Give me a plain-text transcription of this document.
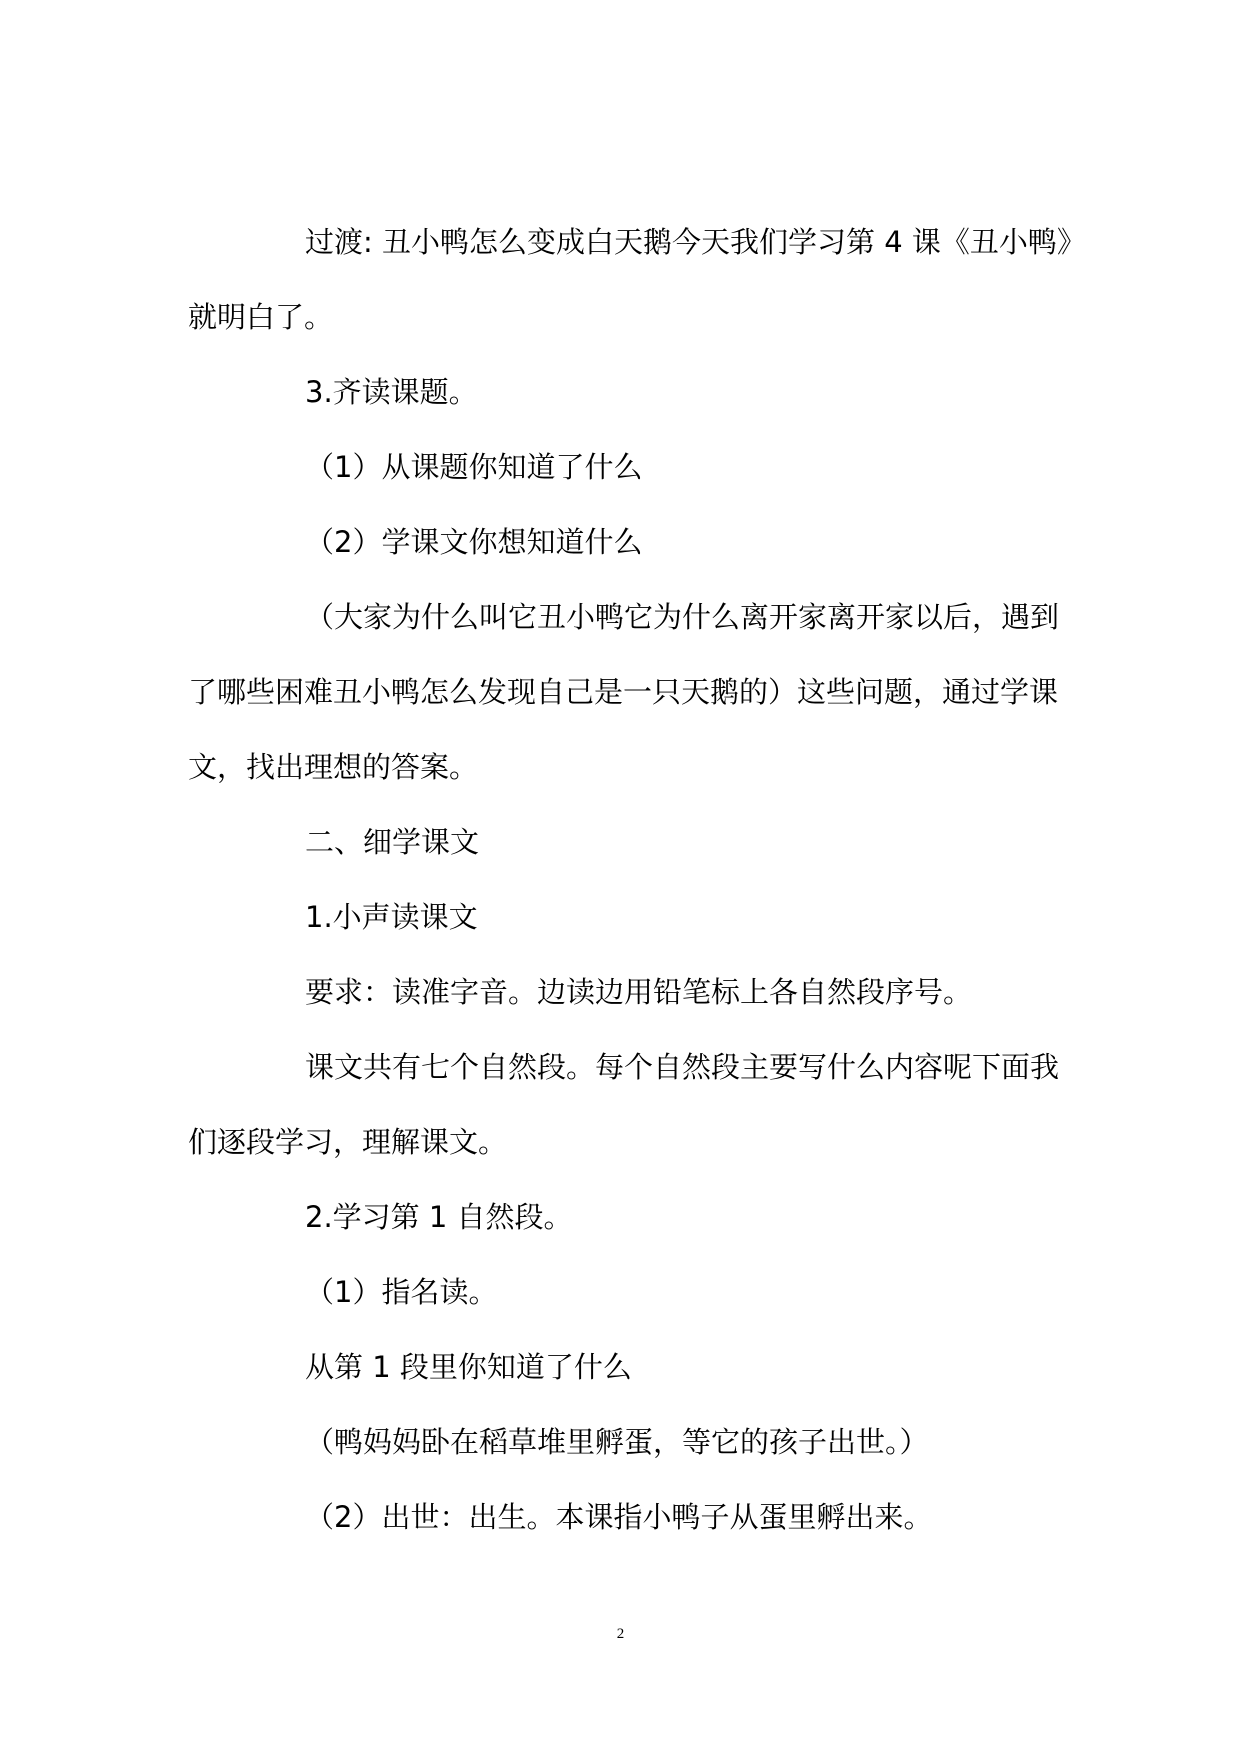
过渡: 丑小鸭怎么变成白天鹅今天我们学习第 4 课《丑小鸭》
就明白了。
3.齐读课题。
（1）从课题你知道了什么
（2）学课文你想知道什么
（大家为什么叫它丑小鸭它为什么离开家离开家以后，遇到
了哪些困难丑小鸭怎么发现自己是一只天鹅的）这些问题，通过学课
文，找出理想的答案。
二、细学课文
1.小声读课文
要求：读准字音。边读边用铅笔标上各自然段序号。
课文共有七个自然段。每个自然段主要写什么内容呢下面我
们逐段学习，理解课文。
2.学习第 1 自然段。
（1）指名读。
从第 1 段里你知道了什么
（鸭妈妈卧在稻草堆里孵蛋，等它的孩子出世。）
（2）出世：出生。本课指小鸭子从蛋里孵出来。
2
